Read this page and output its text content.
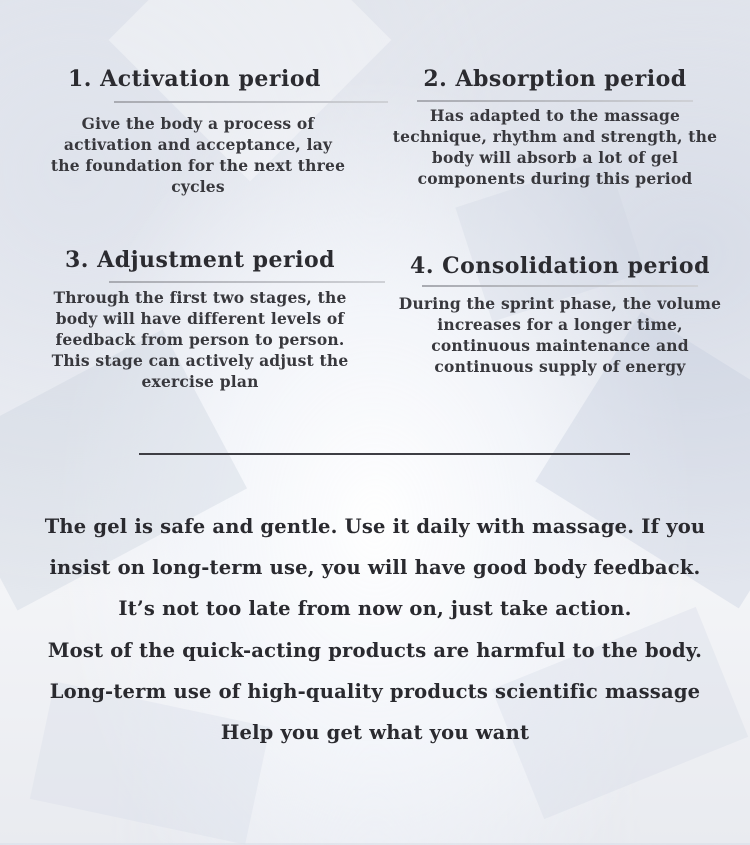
1. Activation period

Give the body a process of activation and acceptance, lay the foundation for the next three cycles

2. Absorption period

Has adapted to the massage technique, rhythm and strength, the body will absorb a lot of gel components during this period

3. Adjustment period

Through the first two stages, the body will have different levels of feedback from person to person. This stage can actively adjust the exercise plan

4. Consolidation period

During the sprint phase, the volume increases for a longer time, continuous maintenance and continuous supply of energy

The gel is safe and gentle. Use it daily with massage. If you
insist on long-term use, you will have good body feedback.
It’s not too late from now on, just take action.
Most of the quick-acting products are harmful to the body.
Long-term use of high-quality products scientific massage
Help you get what you want
